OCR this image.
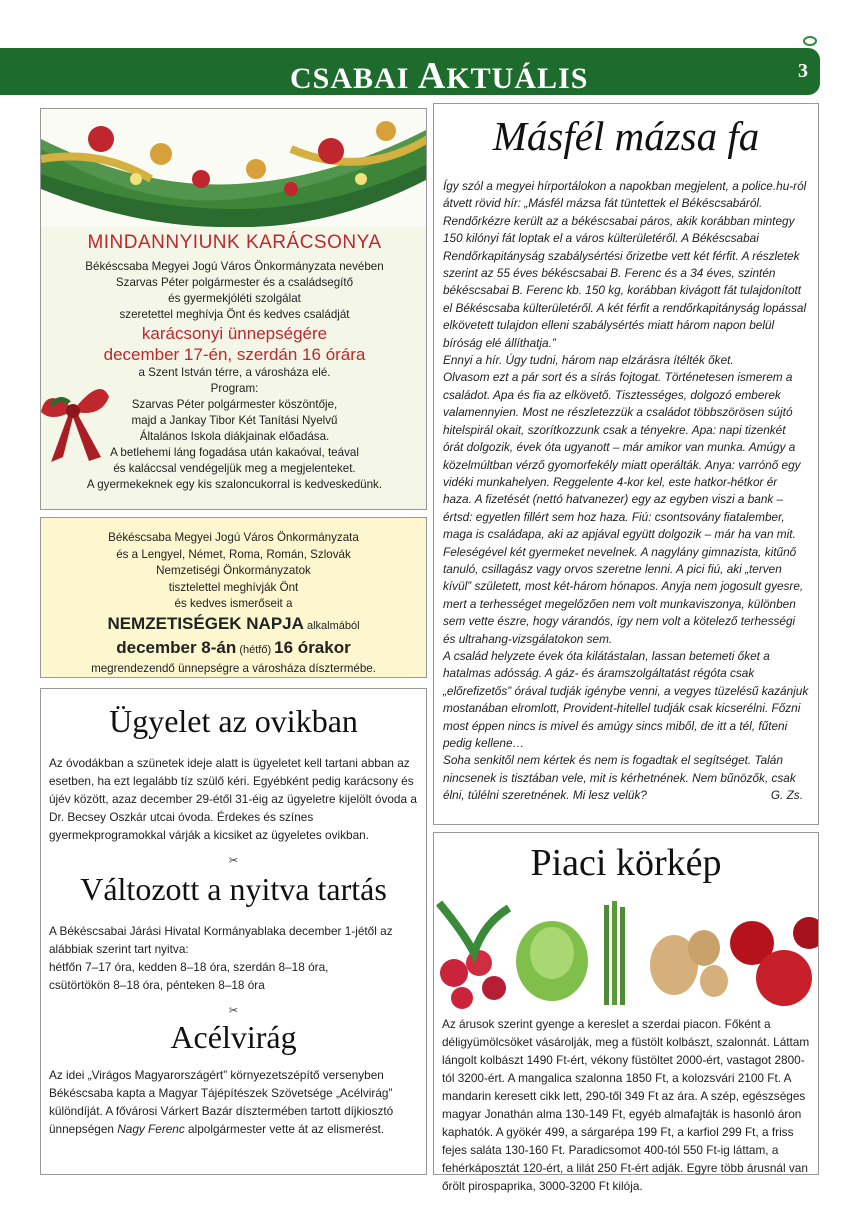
CSABAI AKTUÁLIS	3
MINDANNYIUNK KARÁCSONYA
Békéscsaba Megyei Jogú Város Önkormányzata nevében
Szarvas Péter polgármester és a családsegítő
és gyermekjóléti szolgálat
szeretettel meghívja Önt és kedves családját
karácsonyi ünnepségére
december 17-én, szerdán 16 órára
a Szent István térre, a városháza elé.
Program:
Szarvas Péter polgármester köszöntője,
majd a Jankay Tibor Két Tanítási Nyelvű
Általános Iskola diákjainak előadása.
A betlehemi láng fogadása után kakaóval, teával
és kaláccsal vendégeljük meg a megjelenteket.
A gyermekeknek egy kis szaloncukorral is kedveskedünk.
Békéscsaba Megyei Jogú Város Önkormányzata
és a Lengyel, Német, Roma, Román, Szlovák
Nemzetiségi Önkormányzatok
tisztelettel meghívják Önt
és kedves ismerőseit a
NEMZETISÉGEK NAPJA alkalmából
december 8-án (hétfő) 16 órakor
megrendezendő ünnepségre a városháza dísztermébe.
Ügyelet az ovikban

Az óvodákban a szünetek ideje alatt is ügyeletet kell tartani abban az esetben, ha ezt legalább tíz szülő kéri. Egyébként pedig karácsony és újév között, azaz december 29-étől 31-éig az ügyeletre kijelölt óvoda a Dr. Becsey Oszkár utcai óvoda. Érdekes és színes gyermekprogramokkal várják a kicsiket az ügyeletes ovikban.

✂
Változott a nyitva tartás

A Békéscsabai Járási Hivatal Kormányablaka december 1-jétől az alábbiak szerint tart nyitva:

hétfőn 7–17 óra, kedden 8–18 óra, szerdán 8–18 óra,

csütörtökön 8–18 óra, pénteken 8–18 óra

✂
Acélvirág

Az idei „Virágos Magyarországért” környezetszépítő versenyben Békéscsaba kapta a Magyar Tájépítészek Szövetsége „Acélvirág” különdíját. A fővárosi Várkert Bazár dísztermében tartott díjkiosztó ünnepségen Nagy Ferenc alpolgármester vette át az elismerést.

Másfél mázsa fa

Így szól a megyei hírportálokon a napokban megjelent, a police.hu-ról átvett rövid hír: „Másfél mázsa fát tüntettek el Békéscsabáról. Rendőrkézre került az a békéscsabai páros, akik korábban mintegy 150 kilónyi fát loptak el a város külterületéről. A Békéscsabai Rendőrkapitányság szabálysértési őrizetbe vett két férfit. A részletek szerint az 55 éves békéscsabai B. Ferenc és a 34 éves, szintén békéscsabai B. Ferenc kb. 150 kg, korábban kivágott fát tulajdonított el Békéscsaba külterületéről. A két férfit a rendőrkapitányság lopással elkövetett tulajdon elleni szabálysértés miatt három napon belül bíróság elé állíthatja.”

Ennyi a hír. Úgy tudni, három nap elzárásra ítélték őket.

Olvasom ezt a pár sort és a sírás fojtogat. Történetesen ismerem a családot. Apa és fia az elkövető. Tisztességes, dolgozó emberek valamennyien. Most ne részletezzük a családot többszörösen sújtó hitelspirál okait, szorítkozzunk csak a tényekre. Apa: napi tizenkét órát dolgozik, évek óta ugyanott – már amikor van munka. Amúgy a közelmúltban vérző gyomorfekély miatt operálták. Anya: varrónő egy vidéki munkahelyen. Reggelente 4-kor kel, este hatkor-hétkor ér haza. A fizetését (nettó hatvanezer) egy az egyben viszi a bank – értsd: egyetlen fillért sem hoz haza. Fiú: csontsovány fiatalember, maga is családapa, aki az apjával együtt dolgozik – már ha van mit. Feleségével két gyermeket nevelnek. A nagylány gimnazista, kitűnő tanuló, csillagász vagy orvos szeretne lenni. A pici fiú, aki „terven kívül” született, most két-három hónapos. Anyja nem jogosult gyesre, mert a terhességet megelőzően nem volt munkaviszonya, különben sem vette észre, hogy várandós, így nem volt a kötelező terhességi és ultrahang-vizsgálatokon sem.

A család helyzete évek óta kilátástalan, lassan betemeti őket a hatalmas adósság. A gáz- és áramszolgáltatást régóta csak „előrefizetős” órával tudják igénybe venni, a vegyes tüzelésű kazánjuk mostanában elromlott, Provident-hitellel tudják csak kicserélni. Főzni most éppen nincs is mivel és amúgy sincs miből, de itt a tél, fűteni pedig kellene…

Soha senkitől nem kértek és nem is fogadtak el segítséget. Talán nincsenek is tisztában vele, mit is kérhetnének. Nem bűnözők, csak élni, túlélni szeretnének. Mi lesz velük?	G. Zs.

Piaci körkép

Az árusok szerint gyenge a kereslet a szerdai piacon. Főként a déligyümölcsöket vásárolják, meg a füstölt kolbászt, szalonnát. Láttam lángolt kolbászt 1490 Ft-ért, vékony füstöltet 2000-ért, vastagot 2800-tól 3200-ért. A mangalica szalonna 1850 Ft, a kolozsvári 2100 Ft. A mandarin keresett cikk lett, 290-től 349 Ft az ára. A szép, egészséges magyar Jonathán alma 130-149 Ft, egyéb almafajták is hasonló áron kaphatók. A gyökér 499, a sárgarépa 199 Ft, a karfiol 299 Ft, a friss fejes saláta 130-160 Ft. Paradicsomot 400-tól 550 Ft-ig láttam, a fehérkáposztát 120-ért, a lilát 250 Ft-ért adják. Egyre több árusnál van őrölt pirospaprika, 3000-3200 Ft kilója.
